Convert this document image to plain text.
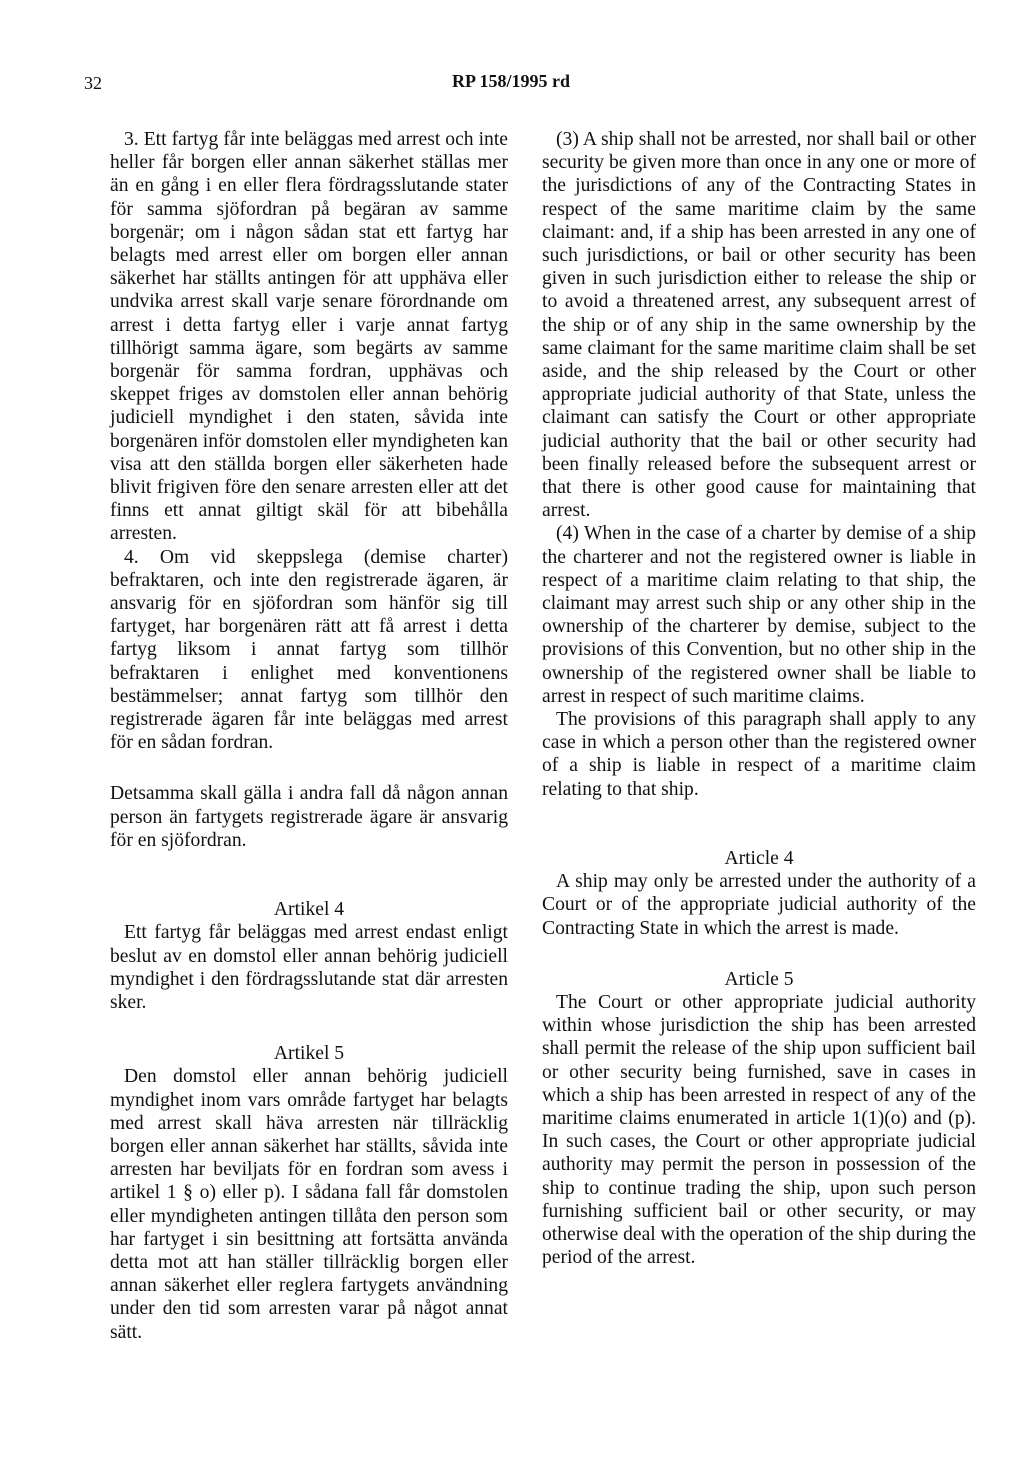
32	RP 158/1995 rd

3. Ett fartyg får inte beläggas med arrest och inte heller får borgen eller annan säkerhet ställas mer än en gång i en eller flera fördragsslutande stater för samma sjöfordran på begäran av samme borgenär; om i någon sådan stat ett fartyg har belagts med arrest eller om borgen eller annan säkerhet har ställts antingen för att upphäva eller undvika arrest skall varje senare förordnande om arrest i detta fartyg eller i varje annat fartyg tillhörigt samma ägare, som begärts av samme borgenär för samma fordran, upphävas och skeppet friges av domstolen eller annan behörig judiciell myndighet i den staten, såvida inte borgenären inför domstolen eller myndigheten kan visa att den ställda borgen eller säkerheten hade blivit frigiven före den senare arresten eller att det finns ett annat giltigt skäl för att bibehålla arresten.

4. Om vid skeppslega (demise charter) befraktaren, och inte den registrerade ägaren, är ansvarig för en sjöfordran som hänför sig till fartyget, har borgenären rätt att få arrest i detta fartyg liksom i annat fartyg som tillhör befraktaren i enlighet med konventionens bestämmelser; annat fartyg som tillhör den registrerade ägaren får inte beläggas med arrest för en sådan fordran.

Detsamma skall gälla i andra fall då någon annan person än fartygets registrerade ägare är ansvarig för en sjöfordran.

Artikel 4

Ett fartyg får beläggas med arrest endast enligt beslut av en domstol eller annan behörig judiciell myndighet i den fördragsslutande stat där arresten sker.

Artikel 5

Den domstol eller annan behörig judiciell myndighet inom vars område fartyget har belagts med arrest skall häva arresten när tillräcklig borgen eller annan säkerhet har ställts, såvida inte arresten har beviljats för en fordran som avess i artikel 1 § o) eller p). I sådana fall får domstolen eller myndigheten antingen tillåta den person som har fartyget i sin besittning att fortsätta använda detta mot att han ställer tillräcklig borgen eller annan säkerhet eller reglera fartygets användning under den tid som arresten varar på något annat sätt.

(3) A ship shall not be arrested, nor shall bail or other security be given more than once in any one or more of the jurisdictions of any of the Contracting States in respect of the same maritime claim by the same claimant: and, if a ship has been arrested in any one of such jurisdictions, or bail or other security has been given in such jurisdiction either to release the ship or to avoid a threatened arrest, any subsequent arrest of the ship or of any ship in the same ownership by the same claimant for the same maritime claim shall be set aside, and the ship released by the Court or other appropriate judicial authority of that State, unless the claimant can satisfy the Court or other appropriate judicial authority that the bail or other security had been finally released before the subsequent arrest or that there is other good cause for maintaining that arrest.

(4) When in the case of a charter by demise of a ship the charterer and not the registered owner is liable in respect of a maritime claim relating to that ship, the claimant may arrest such ship or any other ship in the ownership of the charterer by demise, subject to the provisions of this Convention, but no other ship in the ownership of the registered owner shall be liable to arrest in respect of such maritime claims.

The provisions of this paragraph shall apply to any case in which a person other than the registered owner of a ship is liable in respect of a maritime claim relating to that ship.

Article 4

A ship may only be arrested under the authority of a Court or of the appropriate judicial authority of the Contracting State in which the arrest is made.

Article 5

The Court or other appropriate judicial authority within whose jurisdiction the ship has been arrested shall permit the release of the ship upon sufficient bail or other security being furnished, save in cases in which a ship has been arrested in respect of any of the maritime claims enumerated in article 1(1)(o) and (p). In such cases, the Court or other appropriate judicial authority may permit the person in possession of the ship to continue trading the ship, upon such person furnishing sufficient bail or other security, or may otherwise deal with the operation of the ship during the period of the arrest.
